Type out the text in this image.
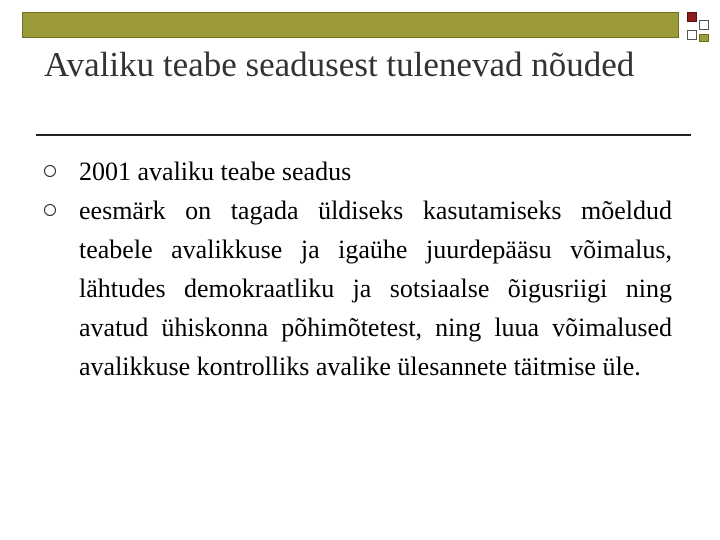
Avaliku teabe seadusest tulenevad nõuded
2001 avaliku teabe seadus
eesmärk on tagada üldiseks kasutamiseks mõeldud teabele avalikkuse ja igaühe juurdepääsu võimalus, lähtudes demokraatliku ja sotsiaalse õigusriigi ning avatud ühiskonna põhimõtetest, ning luua võimalused avalikkuse kontrolliks avalike ülesannete täitmise üle.
